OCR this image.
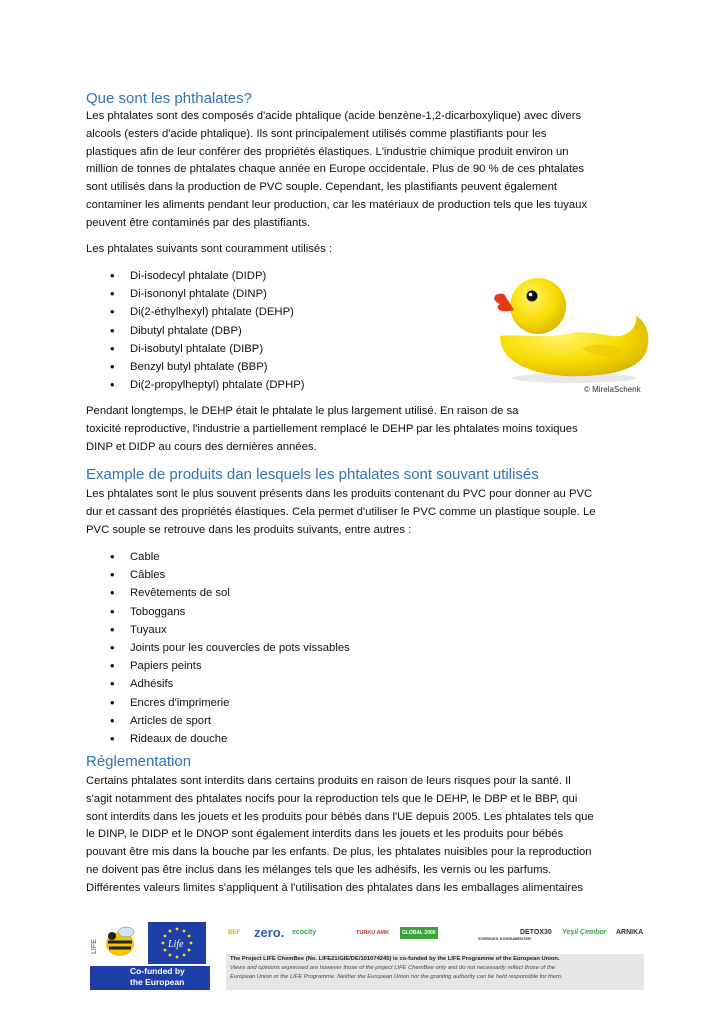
Que sont les phthalates?

Les phtalates sont des composés d'acide phtalique (acide benzène-1,2-dicarboxylique) avec divers
alcools (esters d'acide phtalique). Ils sont principalement utilisés comme plastifiants pour les
plastiques afin de leur conférer des propriétés élastiques. L'industrie chimique produit environ un
million de tonnes de phtalates chaque année en Europe occidentale. Plus de 90 % de ces phtalates
sont utilisés dans la production de PVC souple. Cependant, les plastifiants peuvent également
contaminer les aliments pendant leur production, car les matériaux de production tels que les tuyaux
peuvent être contaminés par des plastifiants.

Les phtalates suivants sont couramment utilisés :

• Di-isodecyl phtalate (DIDP)
• Di-isononyl phtalate (DINP)
• Di(2-éthylhexyl) phtalate (DEHP)
• Dibutyl phtalate (DBP)
• Di-isobutyl phtalate (DIBP)
• Benzyl butyl phtalate (BBP)
• Di(2-propylheptyl) phtalate (DPHP)	© MirelaSchenk

Pendant longtemps, le DEHP était le phtalate le plus largement utilisé. En raison de sa
toxicité reproductive, l'industrie a partiellement remplacé le DEHP par les phtalates moins toxiques
DINP et DIDP au cours des dernières années.

Example de produits dan lesquels les phtalates sont souvant utilisés

Les phtalates sont le plus souvent présents dans les produits contenant du PVC pour donner au PVC
dur et cassant des propriétés élastiques. Cela permet d'utiliser le PVC comme un plastique souple. Le
PVC souple se retrouve dans les produits suivants, entre autres :

• Cable
• Câbles
• Revêtements de sol
• Toboggans
• Tuyaux
• Joints pour les couvercles de pots vissables
• Papiers peints
• Adhésifs
• Encres d'imprimerie
• Articles de sport
• Rideaux de douche
Réglementation

Certains phtalates sont interdits dans certains produits en raison de leurs risques pour la santé. Il
s'agit notamment des phtalates nocifs pour la reproduction tels que le DEHP, le DBP et le BBP, qui
sont interdits dans les jouets et les produits pour bébés dans l'UE depuis 2005. Les phtalates tels que
le DINP, le DIDP et le DNOP sont également interdits dans les jouets et les produits pour bébés
pouvant être mis dans la bouche par les enfants. De plus, les phtalates nuisibles pour la reproduction
ne doivent pas être inclus dans les mélanges tels que les adhésifs, les vernis ou les parfums.
Différentes valeurs limites s'appliquent à l'utilisation des phtalates dans les emballages alimentaires

LIFE	Life
Co-funded by
the European Union
BEF zero. ecocity	TURKU AMK	GLOBAL 2000
SVERIGES KONSUMENTER
DETOX30 Yeşil Çember ARNIKA
The Project LIFE ChemBee (No. LIFE21/GIE/DE/101074245) is co-funded by the LIFE Programme of the European Union.
Views and opinions expressed are however those of the project LIFE ChemBee only and do not necessarily reflect those of the
European Union or the LIFE Programme. Neither the European Union nor the granting authority can be held responsible for them.
